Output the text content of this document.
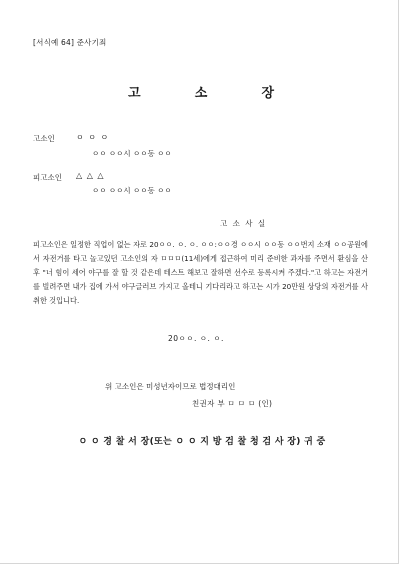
[서식예 64] 준사기죄
고	소	장
고소인	ㅇ ㅇ ㅇ
ㅇㅇ ㅇㅇ시 ㅇㅇ동 ㅇㅇ
피고소인 △ △ △
ㅇㅇ ㅇㅇ시 ㅇㅇ동 ㅇㅇ
고 소 사 실

피고소인은 일정한 직업이 없는 자로 20ㅇㅇ. ㅇ. ㅇ. ㅇㅇ:ㅇㅇ경 ㅇㅇ시 ㅇㅇ동 ㅇㅇ번지 소재 ㅇㅇ공원에서 자전거를 타고 놀고있던 고소인의 자 ㅁㅁㅁ(11세)에게 접근하여 미리 준비한 과자를 주면서 환심을 산 후 "너 힘이 세어 야구를 잘 할 것 같은데 테스트 해보고 잘하면 선수로 등록시켜 주겠다."고 하고는 자전거를 빌려주면 내가 집에 가서 야구글러브 가지고 올테니 기다리라고 하고는 시가 20만원 상당의 자전거를 사취한 것입니다.

20ㅇㅇ. ㅇ. ㅇ.
위 고소인은 미성년자이므로 법정대리인
친권자 부 ㅁ ㅁ ㅁ (인)
ㅇ ㅇ 경 찰 서 장(또는 ㅇ ㅇ 지 방 검 찰 청 검 사 장) 귀 중
